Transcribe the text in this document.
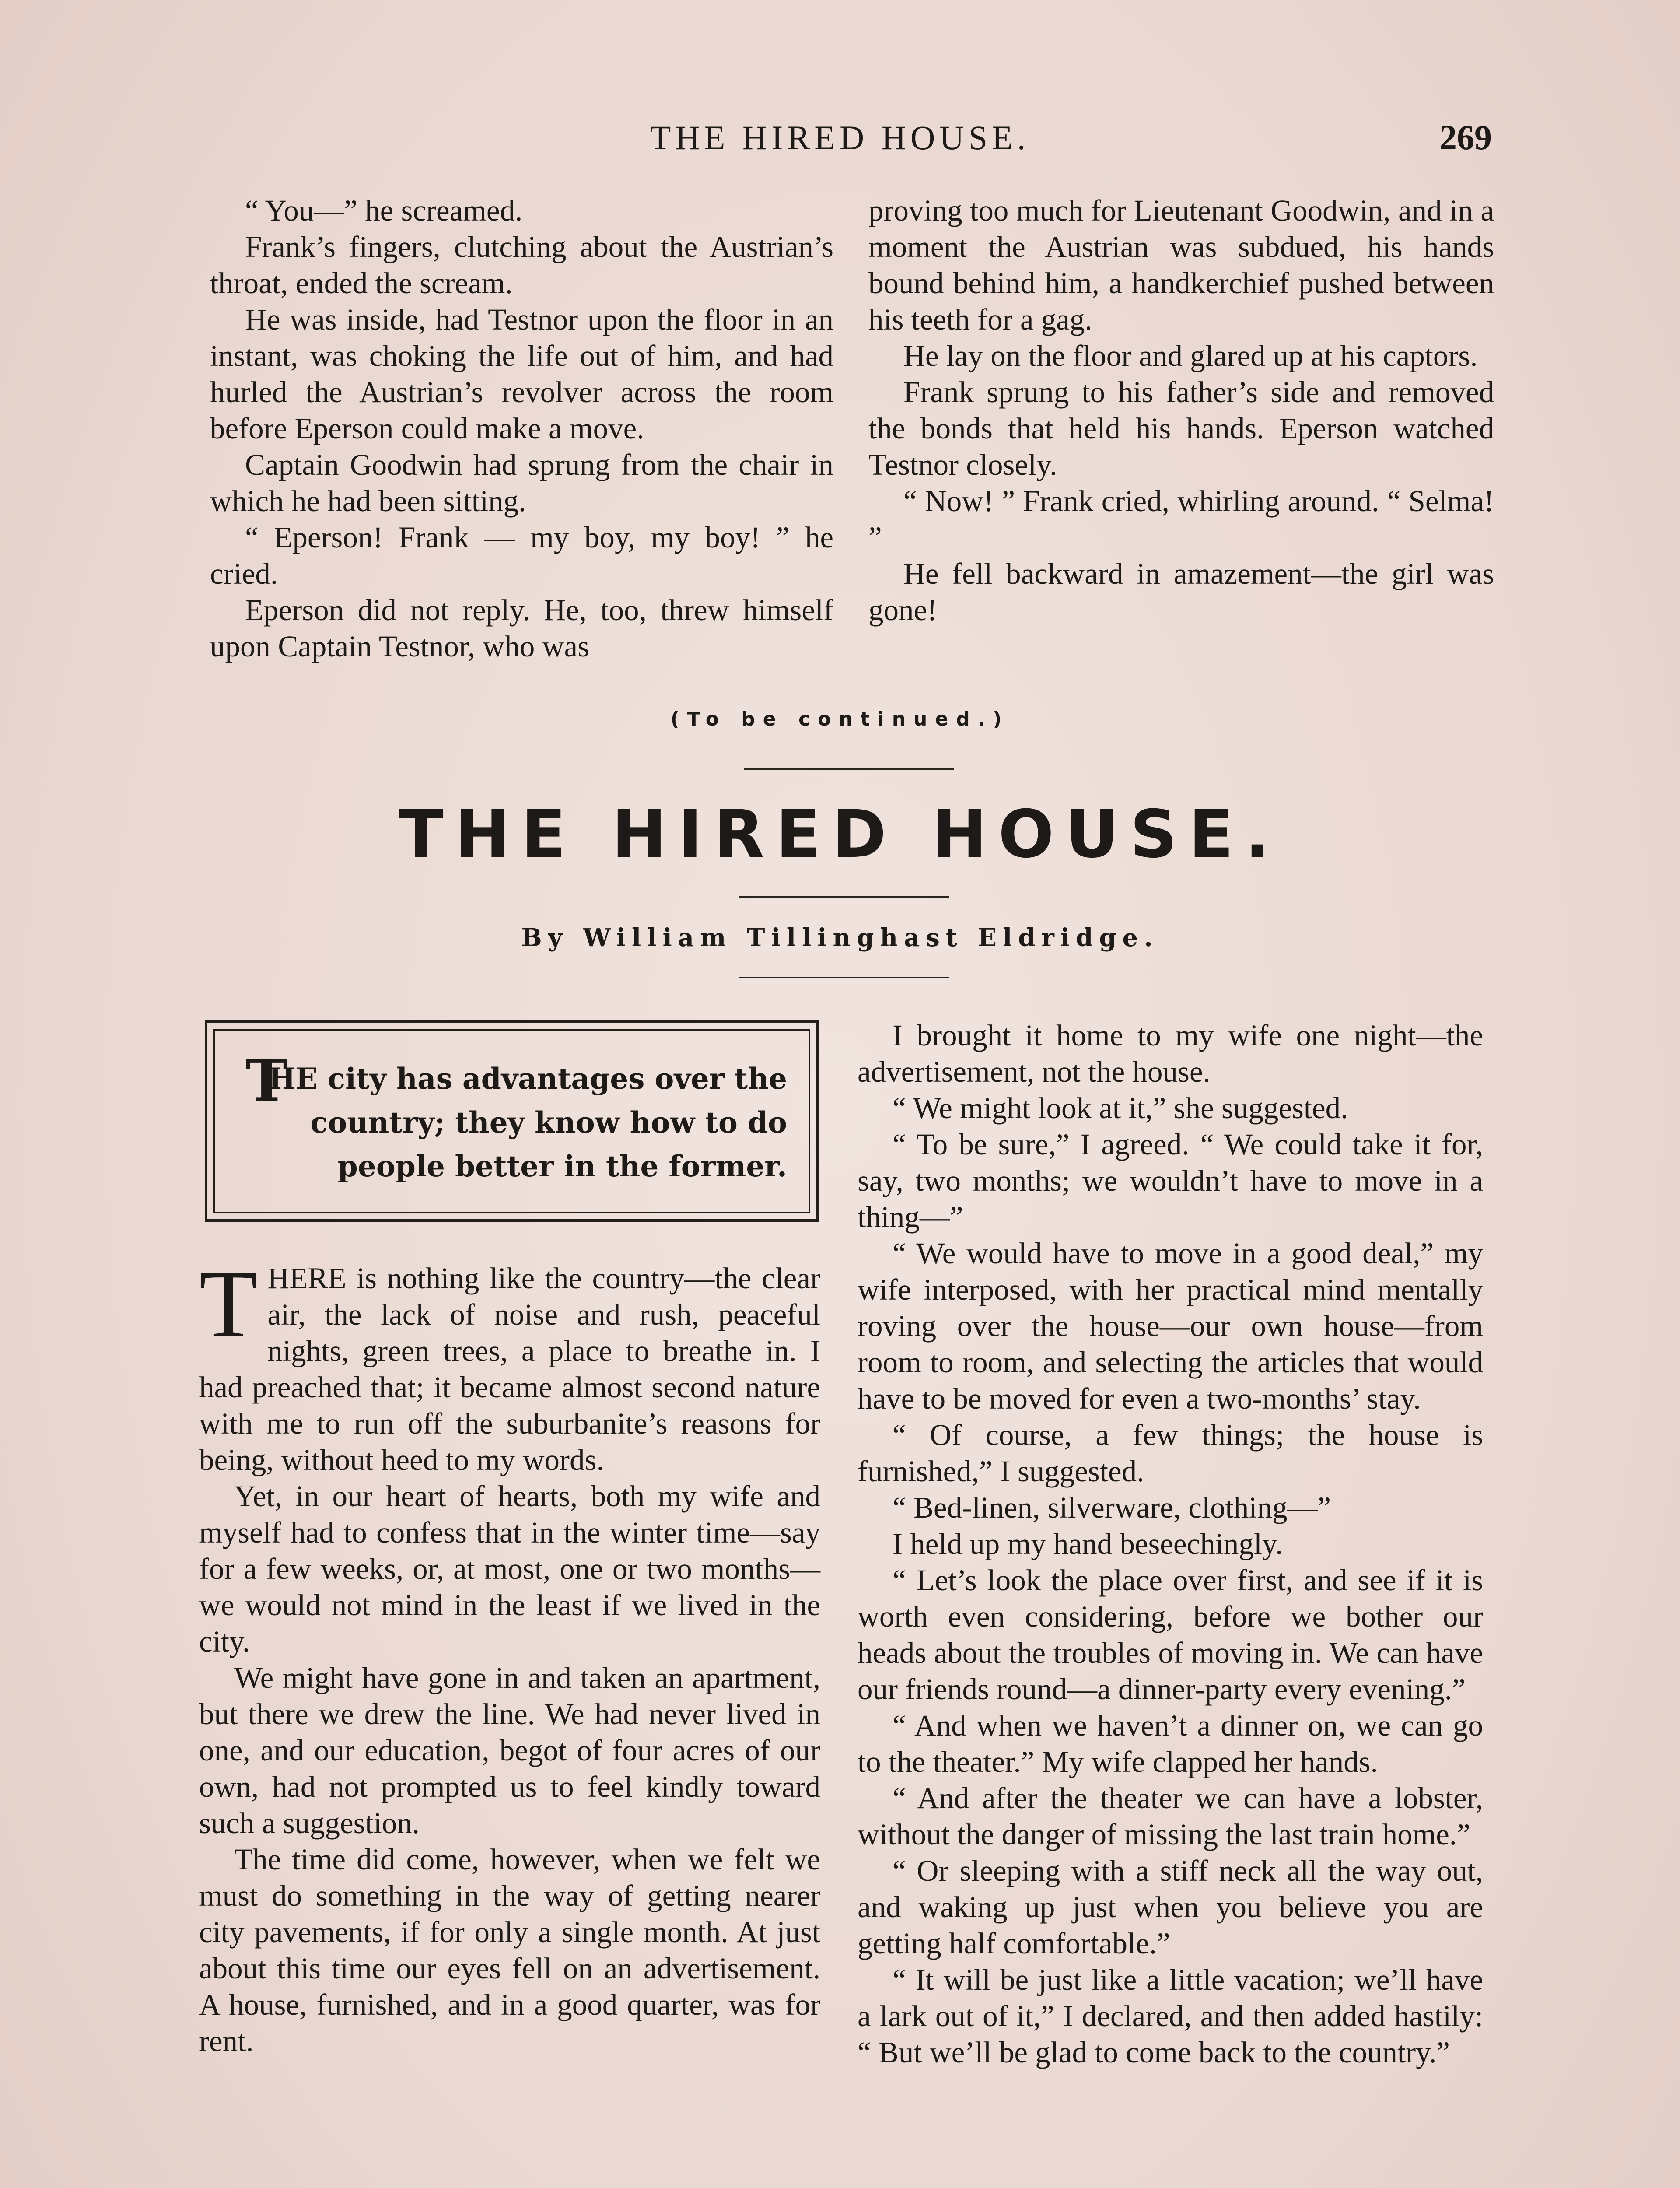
THE HIRED HOUSE.	269

“ You—” he screamed.

Frank’s fingers, clutching about the Austrian’s throat, ended the scream.

He was inside, had Testnor upon the floor in an instant, was choking the life out of him, and had hurled the Austrian’s revolver across the room before Eperson could make a move.

Captain Goodwin had sprung from the chair in which he had been sitting.

“ Eperson! Frank — my boy, my boy! ” he cried.

Eperson did not reply. He, too, threw himself upon Captain Testnor, who was

proving too much for Lieutenant Goodwin, and in a moment the Austrian was subdued, his hands bound behind him, a handkerchief pushed between his teeth for a gag.

He lay on the floor and glared up at his captors.

Frank sprung to his father’s side and removed the bonds that held his hands. Eperson watched Testnor closely.

“ Now! ” Frank cried, whirling around. “ Selma! ”

He fell backward in amazement—the girl was gone!

(To be continued.)
THE HIRED HOUSE.
By William Tillinghast Eldridge.
T
HE city has advantages over the country; they know how to do people better in the former.

THERE is nothing like the country—the clear air, the lack of noise and rush, peaceful nights, green trees, a place to breathe in. I had preached that; it became almost second nature with me to run off the suburbanite’s reasons for being, without heed to my words.

Yet, in our heart of hearts, both my wife and myself had to confess that in the winter time—say for a few weeks, or, at most, one or two months—we would not mind in the least if we lived in the city.

We might have gone in and taken an apartment, but there we drew the line. We had never lived in one, and our education, begot of four acres of our own, had not prompted us to feel kindly toward such a suggestion.

The time did come, however, when we felt we must do something in the way of getting nearer city pavements, if for only a single month. At just about this time our eyes fell on an advertisement. A house, furnished, and in a good quarter, was for rent.

I brought it home to my wife one night—the advertisement, not the house.

“ We might look at it,” she suggested.

“ To be sure,” I agreed. “ We could take it for, say, two months; we wouldn’t have to move in a thing—”

“ We would have to move in a good deal,” my wife interposed, with her practical mind mentally roving over the house—our own house—from room to room, and selecting the articles that would have to be moved for even a two-months’ stay.

“ Of course, a few things; the house is furnished,” I suggested.

“ Bed-linen, silverware, clothing—”

I held up my hand beseechingly.

“ Let’s look the place over first, and see if it is worth even considering, before we bother our heads about the troubles of moving in. We can have our friends round—a dinner-party every evening.”

“ And when we haven’t a dinner on, we can go to the theater.” My wife clapped her hands.

“ And after the theater we can have a lobster, without the danger of missing the last train home.”

“ Or sleeping with a stiff neck all the way out, and waking up just when you believe you are getting half comfortable.”

“ It will be just like a little vacation; we’ll have a lark out of it,” I declared, and then added hastily: “ But we’ll be glad to come back to the country.”
